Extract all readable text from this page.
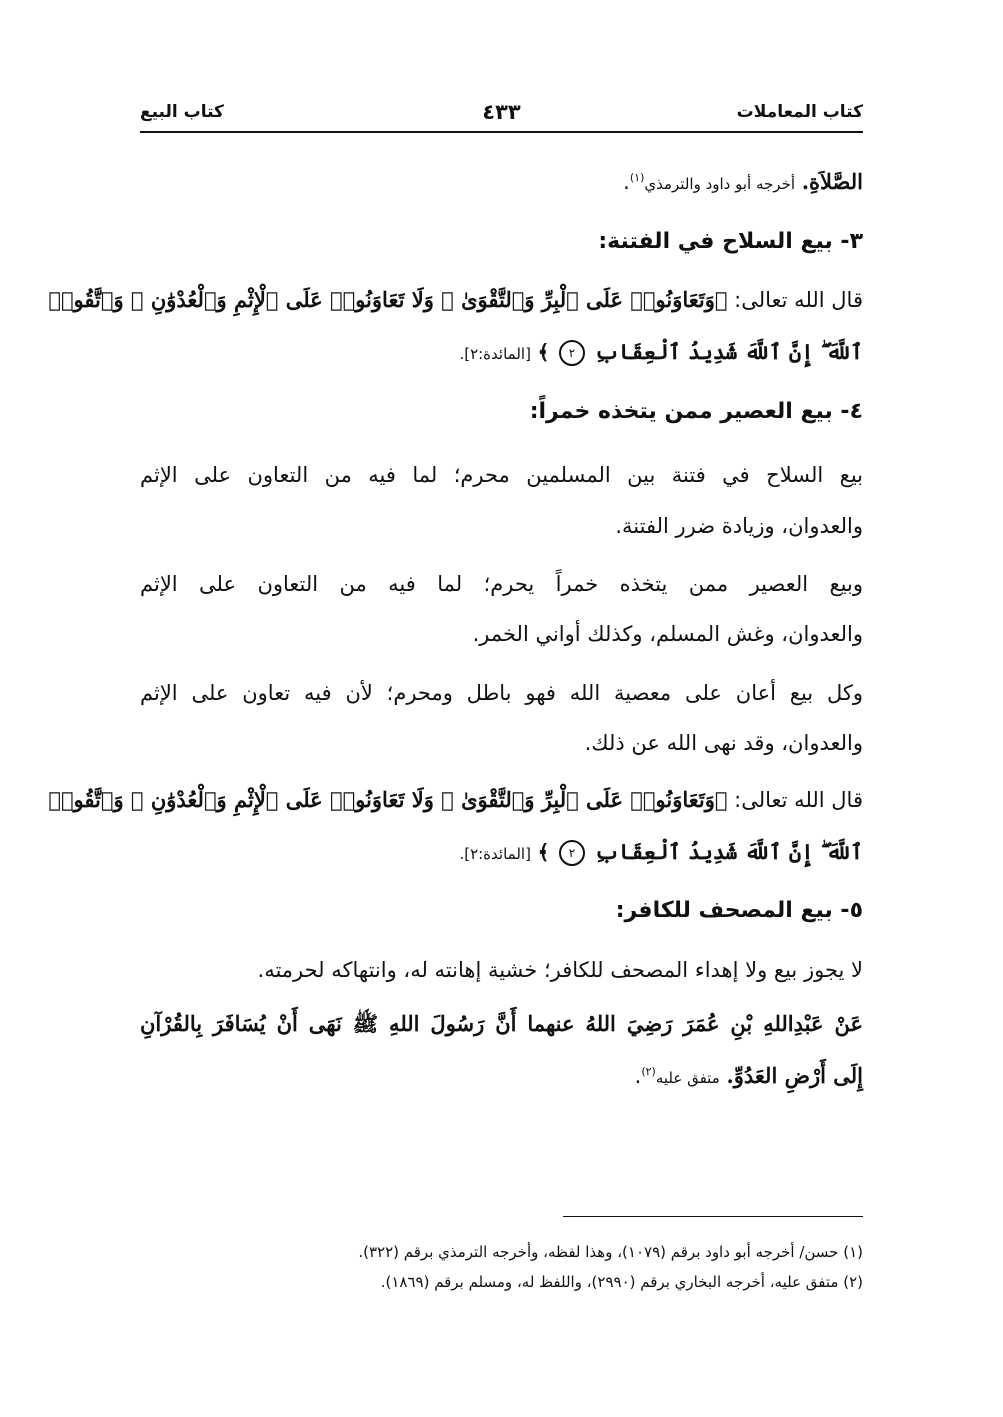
كتاب المعاملات
٤٣٣
كتاب البيع
الصَّلاَةِ. أخرجه أبو داود والترمذي$^{(١)}$.
٣- بيع السلاح في الفتنة:
قال الله تعالى: ﴿وَتَعَاوَنُوا۟ عَلَى ٱلْبِرِّ وَٱلتَّقْوَىٰ ۖ وَلَا تَعَاوَنُوا۟ عَلَى ٱلْإِثْمِ وَٱلْعُدْوَٰنِ ۚ وَٱتَّقُوا۟
ٱللَّهَ ۖ إِنَّ ٱللَّهَ شَدِيدُ ٱلْعِقَابِ ٢ ﴾ [المائدة:٢].
٤- بيع العصير ممن يتخذه خمراً:
بيع السلاح في فتنة بين المسلمين محرم؛ لما فيه من التعاون على الإثم
والعدوان، وزيادة ضرر الفتنة.
وبيع العصير ممن يتخذه خمراً يحرم؛ لما فيه من التعاون على الإثم
والعدوان، وغش المسلم، وكذلك أواني الخمر.
وكل بيع أعان على معصية الله فهو باطل ومحرم؛ لأن فيه تعاون على الإثم
والعدوان، وقد نهى الله عن ذلك.
قال الله تعالى: ﴿وَتَعَاوَنُوا۟ عَلَى ٱلْبِرِّ وَٱلتَّقْوَىٰ ۖ وَلَا تَعَاوَنُوا۟ عَلَى ٱلْإِثْمِ وَٱلْعُدْوَٰنِ ۚ وَٱتَّقُوا۟
ٱللَّهَ ۖ إِنَّ ٱللَّهَ شَدِيدُ ٱلْعِقَابِ ٢ ﴾ [المائدة:٢].
٥- بيع المصحف للكافر:
لا يجوز بيع ولا إهداء المصحف للكافر؛ خشية إهانته له، وانتهاكه لحرمته.
عَنْ عَبْدِاللهِ بْنِ عُمَرَ رَضِيَ اللهُ عنهما أَنَّ رَسُولَ اللهِ ﷺ نَهَى أَنْ يُسَافَرَ بِالقُرْآنِ
إِلَى أَرْضِ العَدُوِّ. متفق عليه$^{(٢)}$.
(١) حسن/ أخرجه أبو داود برقم (١٠٧٩)، وهذا لفظه، وأخرجه الترمذي برقم (٣٢٢).
(٢) متفق عليه، أخرجه البخاري برقم (٢٩٩٠)، واللفظ له، ومسلم برقم (١٨٦٩).
